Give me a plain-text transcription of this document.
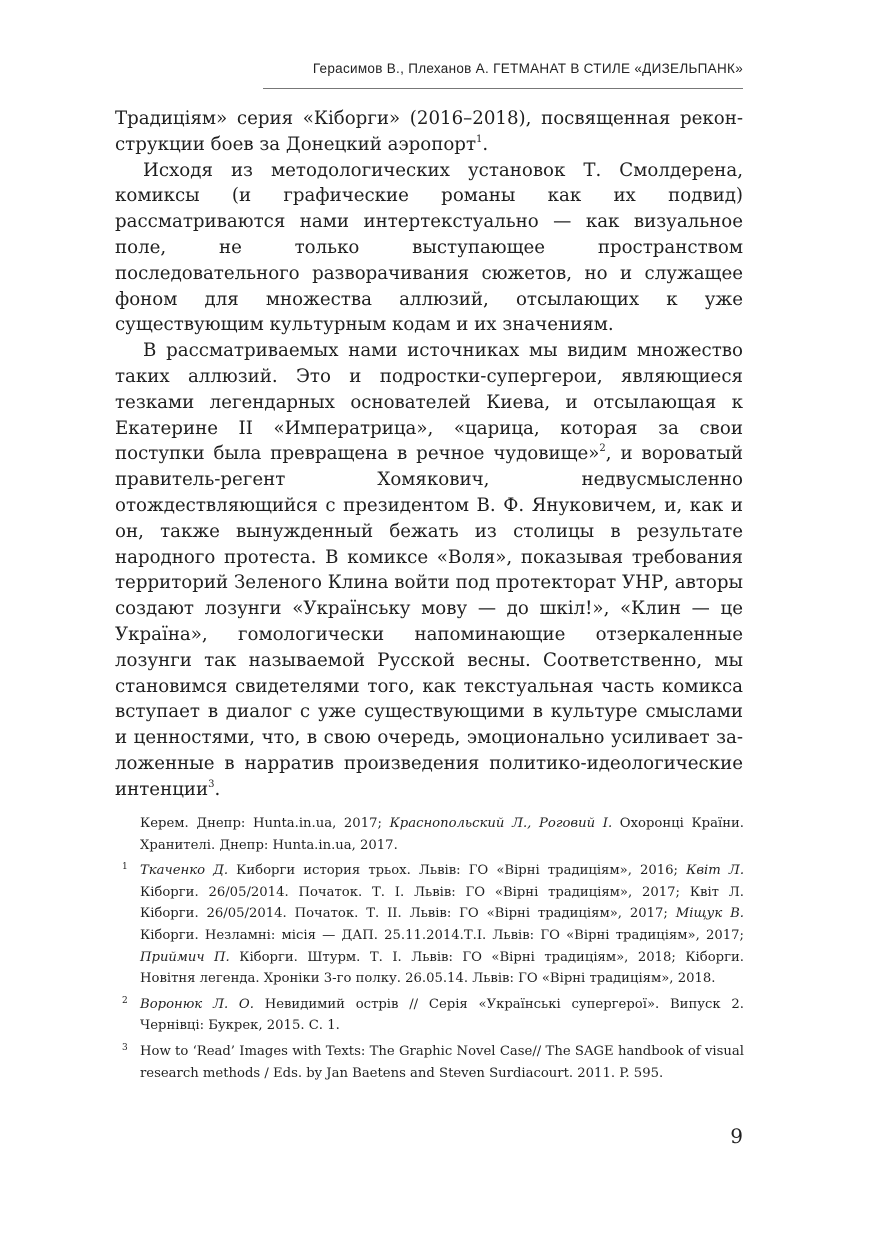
Герасимов В., Плеханов А. ГЕТМАНАТ В СТИЛЕ «ДИЗЕЛЬПАНК»

Традиціям» серия «Кіборги» (2016–2018), посвященная реконструкции боев за Донецкий аэропорт$^1$.

Исходя из методологических установок Т. Смолдерена, комиксы (и графические романы как их подвид) рассматриваются нами интертекстуально — как визуальное поле, не только выступающее пространством последовательного разворачивания сюжетов, но и служащее фоном для множества аллюзий, отсылающих к уже существующим культурным кодам и их значениям.

В рассматриваемых нами источниках мы видим множество таких аллюзий. Это и подростки-супергерои, являющиеся тезками легендарных основателей Киева, и отсылающая к Екатерине II «Императрица», «царица, которая за свои поступки была превращена в речное чудовище»$^2$, и вороватый правитель-регент Хомякович, недвусмысленно отождествляющийся с президентом В. Ф. Януковичем, и, как и он, также вынужденный бежать из столицы в результате народного протеста. В комиксе «Воля», показывая требования территорий Зеленого Клина войти под протекторат УНР, авторы создают лозунги «Українську мову — до шкіл!», «Клин — це Україна», гомологически напоминающие отзеркаленные лозунги так называемой Русской весны. Соответственно, мы становимся свидетелями того, как текстуальная часть комикса вступает в диалог с уже существующими в культуре смыслами и ценностями, что, в свою очередь, эмоционально усиливает заложенные в нарратив произведения политико-идеологические интенции$^3$.

Керем. Днепр: Hunta.in.ua, 2017; Краснопольский Л., Роговий І. Охоронці Країни. Хранителі. Днепр: Hunta.in.ua, 2017.
1 Ткаченко Д. Киборги история трьох. Львів: ГО «Вірні традиціям», 2016; Квіт Л. Кіборги. 26/05/2014. Початок. Т. І. Львів: ГО «Вірні традиціям», 2017; Квіт Л. Кіборги. 26/05/2014. Початок. Т. ІІ. Львів: ГО «Вірні традиціям», 2017; Міщук В. Кіборги. Незламні: місія — ДАП. 25.11.2014.Т.І. Львів: ГО «Вірні традиціям», 2017; Приймич П. Кіборги. Штурм. Т. І. Львів: ГО «Вірні традиціям», 2018; Кіборги. Новітня легенда. Хроніки 3-го полку. 26.05.14. Львів: ГО «Вірні традиціям», 2018.
2 Воронюк Л. О. Невидимий острів // Серія «Українські супергерої». Випуск 2. Чернівці: Букрек, 2015. С. 1.
3 How to ‘Read’ Images with Texts: The Graphic Novel Case// The SAGE handbook of visual research methods / Eds. by Jan Baetens and Steven Surdiacourt. 2011. P. 595.
9
